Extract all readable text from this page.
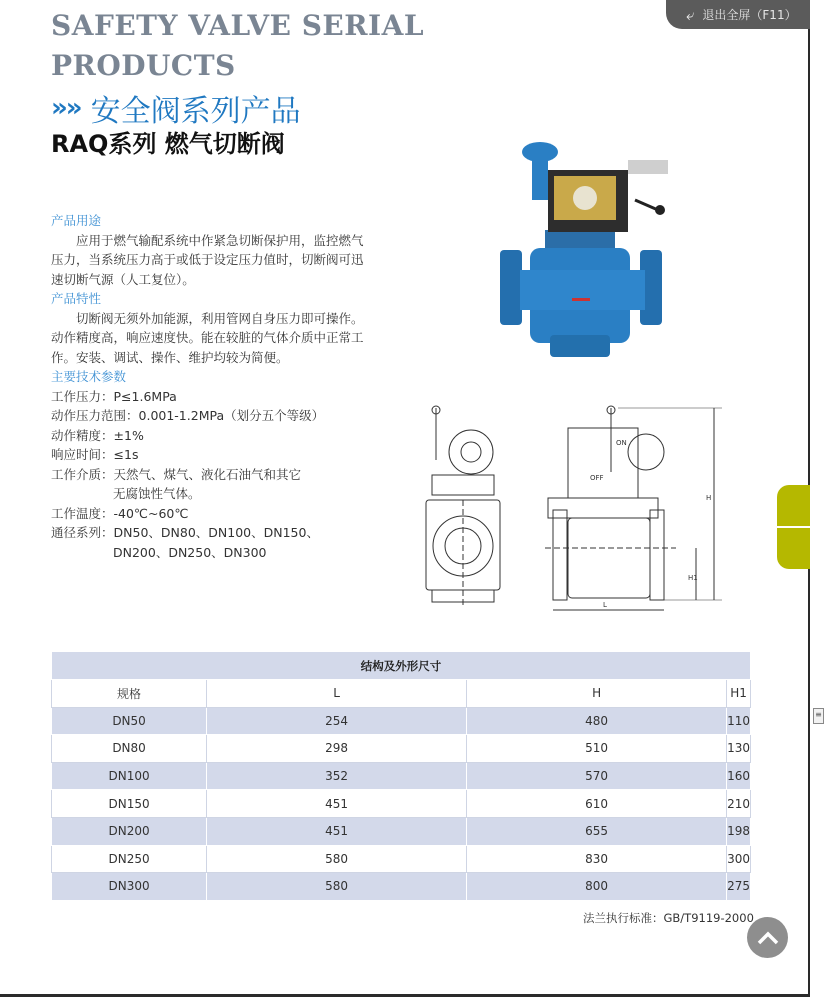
⤶ 退出全屏（F11）
SAFETY VALVE SERIAL
PRODUCTS
»» 安全阀系列产品
RAQ系列 燃气切断阀
产品用途
应用于燃气输配系统中作紧急切断保护用，监控燃气
压力，当系统压力高于或低于设定压力值时，切断阀可迅
速切断气源（人工复位）。
产品特性
切断阀无须外加能源，利用管网自身压力即可操作。
动作精度高，响应速度快。能在较脏的气体介质中正常工
作。安装、调试、操作、维护均较为简便。
主要技术参数
工作压力： P≤1.6MPa
动作压力范围： 0.001-1.2MPa（划分五个等级）
动作精度： ±1%
响应时间： ≤1s
工作介质： 天然气、煤气、液化石油气和其它
无腐蚀性气体。
工作温度： -40℃~60℃
通径系列： DN50、DN80、DN100、DN150、
DN200、DN250、DN300
ON
OFF
H
H1
L
≡
结构及外形尺寸			
规格	L	H	H1
DN50	254	480	110
DN80	298	510	130
DN100	352	570	160
DN150	451	610	210
DN200	451	655	198
DN250	580	830	300
DN300	580	800	275
法兰执行标准：GB/T9119-2000
